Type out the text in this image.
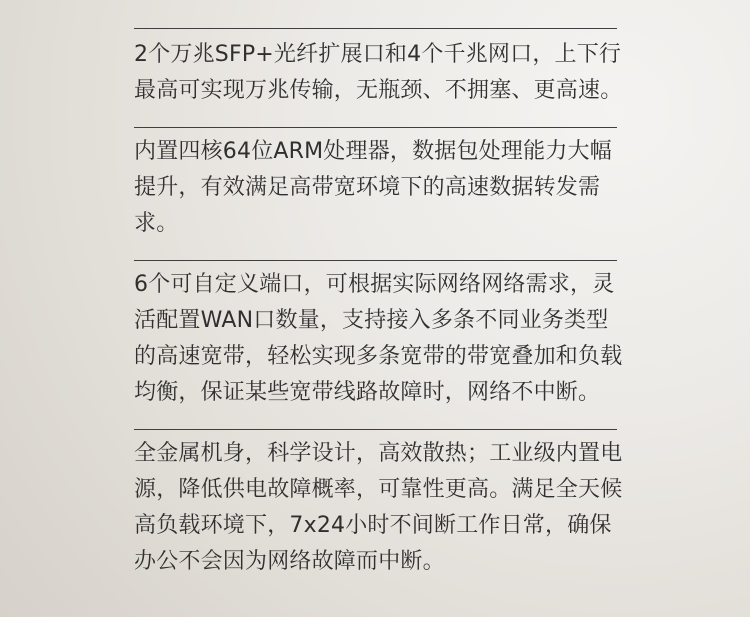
2个万兆SFP+光纤扩展口和4个千兆网口，上下行最高可实现万兆传输，无瓶颈、不拥塞、更高速。
内置四核64位ARM处理器，数据包处理能力大幅提升，有效满足高带宽环境下的高速数据转发需求。
6个可自定义端口，可根据实际网络网络需求，灵活配置WAN口数量，支持接入多条不同业务类型的高速宽带，轻松实现多条宽带的带宽叠加和负载均衡，保证某些宽带线路故障时，网络不中断。
全金属机身，科学设计，高效散热；工业级内置电源，降低供电故障概率，可靠性更高。满足全天候高负载环境下，7x24小时不间断工作日常，确保办公不会因为网络故障而中断。
